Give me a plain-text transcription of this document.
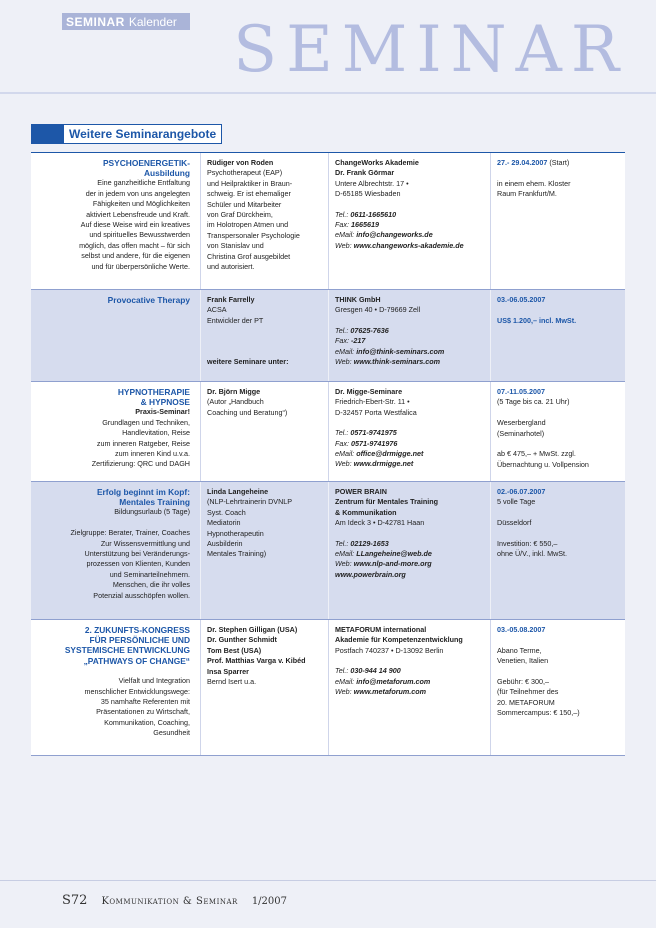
SEMINAR Kalender SEMINAR
Weitere Seminarangebote
PSYCHOENERGETIK-
Ausbildung
Eine ganzheitliche Entfaltung
der in jedem von uns angelegten
Fähigkeiten und Möglichkeiten
aktiviert Lebensfreude und Kraft.
Auf diese Weise wird ein kreatives
und spirituelles Bewusstwerden
möglich, das offen macht – für sich
selbst und andere, für die eigenen
und für überpersönliche Werte.
Rüdiger von Roden
Psychotherapeut (EAP)
und Heilpraktiker in Braun-
schweig. Er ist ehemaliger
Schüler und Mitarbeiter
von Graf Dürckheim,
im Holotropen Atmen und
Transpersonaler Psychologie
von Stanislav und
Christina Grof ausgebildet
und autorisiert.
ChangeWorks Akademie
Dr. Frank Görmar
Untere Albrechtstr. 17 •
D-65185 Wiesbaden
Tel.: 0611-1665610
Fax: 1665619
eMail: info@changeworks.de
Web: www.changeworks-akademie.de
27.- 29.04.2007 (Start)
in einem ehem. Kloster
Raum Frankfurt/M.
Provocative Therapy Frank Farrelly
ACSA
Entwickler der PT
weitere Seminare unter:
THINK GmbH
Gresgen 40 • D-79669 Zell
Tel.: 07625-7636
Fax: -217
eMail: info@think-seminars.com
Web: www.think-seminars.com
03.-06.05.2007
US$ 1.200,– incl. MwSt.
HYPNOTHERAPIE
& HYPNOSE
Praxis-Seminar!
Grundlagen und Techniken,
Handlevitation, Reise
zum inneren Ratgeber, Reise
zum inneren Kind u.v.a.
Zertifizierung: QRC und DAGH
Dr. Björn Migge
(Autor „Handbuch
Coaching und Beratung“)
Dr. Migge-Seminare
Friedrich-Ebert-Str. 11 •
D-32457 Porta Westfalica
Tel.: 0571-9741975
Fax: 0571-9741976
eMail: office@drmigge.net
Web: www.drmigge.net
07.-11.05.2007
(5 Tage bis ca. 21 Uhr)
Weserbergland
(Seminarhotel)
ab € 475,– + MwSt. zzgl.
Übernachtung u. Vollpension
Erfolg beginnt im Kopf:
Mentales Training
Bildungsurlaub (5 Tage)
Zielgruppe: Berater, Trainer, Coaches
Zur Wissensvermittlung und
Unterstützung bei Veränderungs-
prozessen von Klienten, Kunden
und Seminarteilnehmern.
Menschen, die ihr volles
Potenzial ausschöpfen wollen.
Linda Langeheine
(NLP-Lehrtrainerin DVNLP
Syst. Coach
Mediatorin
Hypnotherapeutin
Ausbilderin
Mentales Training)
POWER BRAIN
Zentrum für Mentales Training
& Kommunikation
Am Ideck 3 • D-42781 Haan
Tel.: 02129-1653
eMail: LLangeheine@web.de
Web: www.nlp-and-more.org
www.powerbrain.org
02.-06.07.2007
5 volle Tage
Düsseldorf
Investition: € 550,–
ohne Ü/V., inkl. MwSt.
2. ZUKUNFTS-KONGRESS
FÜR PERSÖNLICHE UND
SYSTEMISCHE ENTWICKLUNG
„PATHWAYS OF CHANGE“
Vielfalt und Integration
menschlicher Entwicklungswege:
35 namhafte Referenten mit
Präsentationen zu Wirtschaft,
Kommunikation, Coaching,
Gesundheit
Dr. Stephen Gilligan (USA)
Dr. Gunther Schmidt
Tom Best (USA)
Prof. Matthias Varga v. Kibéd
Insa Sparrer
Bernd Isert u.a.
METAFORUM international
Akademie für Kompetenzentwicklung
Postfach 740237 • D-13092 Berlin
Tel.: 030-944 14 900
eMail: info@metaforum.com
Web: www.metaforum.com
03.-05.08.2007
Abano Terme,
Venetien, Italien
Gebühr: € 300,–
(für Teilnehmer des
20. METAFORUM
Sommercampus: € 150,–)
S72 Kommunikation & Seminar 1/2007
